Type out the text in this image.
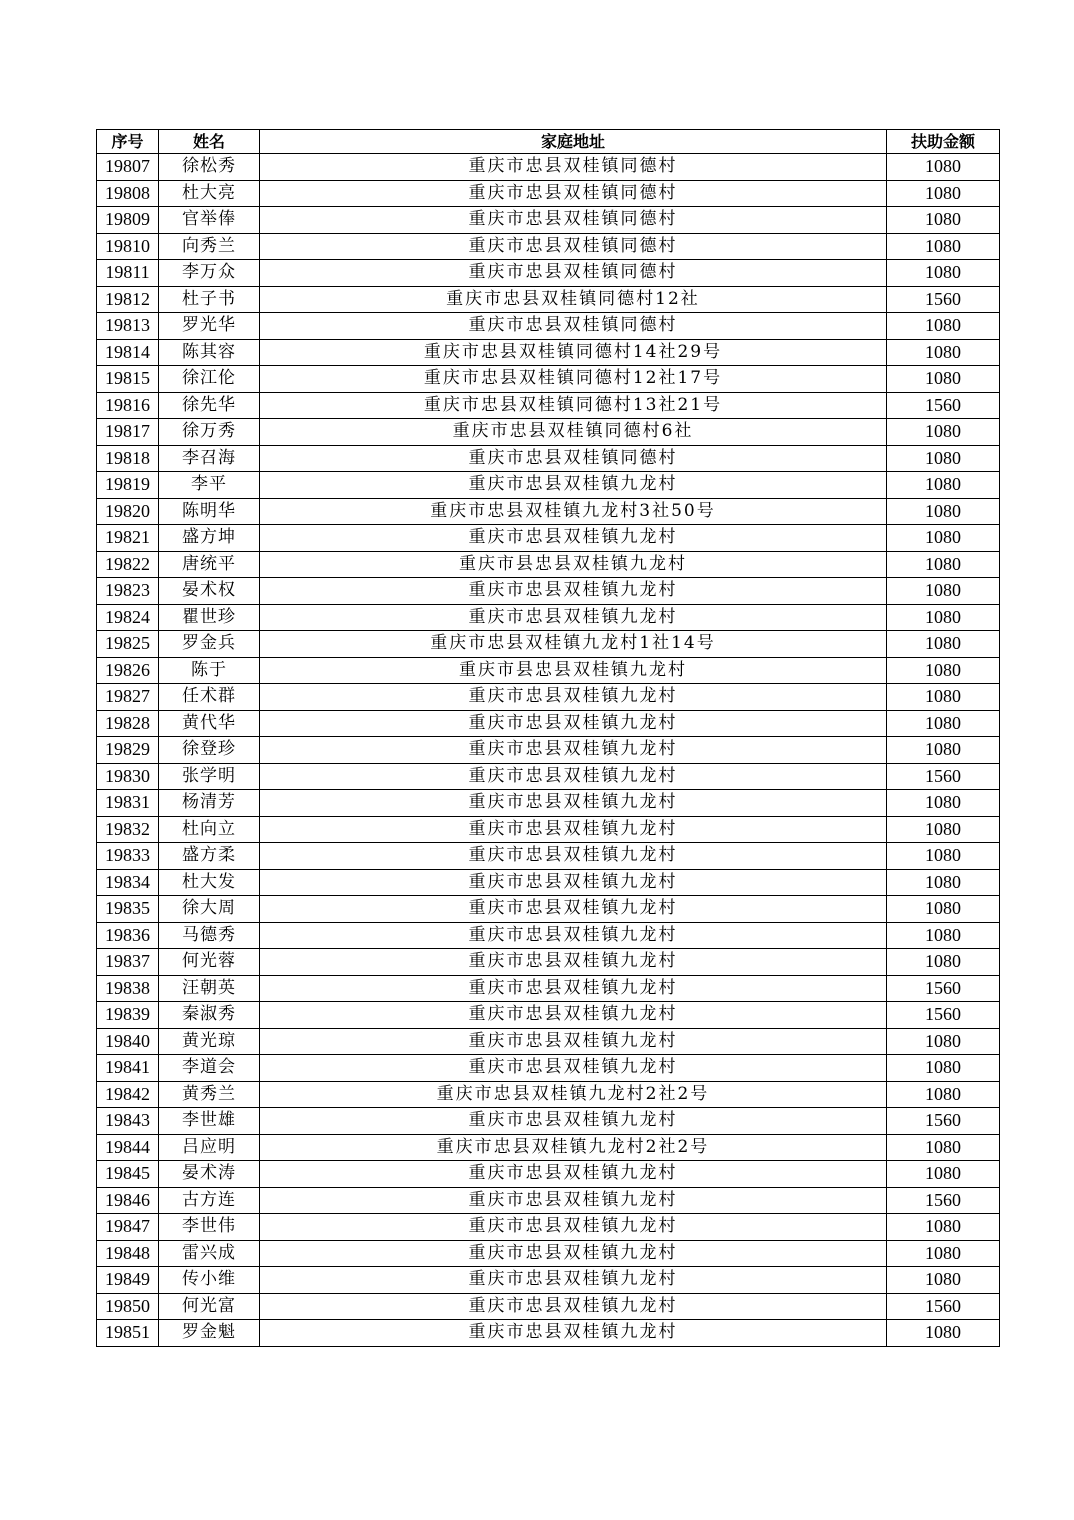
序号	姓名	家庭地址	扶助金额
19807	徐松秀	重庆市忠县双桂镇同德村	1080
19808	杜大亮	重庆市忠县双桂镇同德村	1080
19809	官举俸	重庆市忠县双桂镇同德村	1080
19810	向秀兰	重庆市忠县双桂镇同德村	1080
19811	李万众	重庆市忠县双桂镇同德村	1080
19812	杜子书	重庆市忠县双桂镇同德村12社	1560
19813	罗光华	重庆市忠县双桂镇同德村	1080
19814	陈其容	重庆市忠县双桂镇同德村14社29号	1080
19815	徐江伦	重庆市忠县双桂镇同德村12社17号	1080
19816	徐先华	重庆市忠县双桂镇同德村13社21号	1560
19817	徐万秀	重庆市忠县双桂镇同德村6社	1080
19818	李召海	重庆市忠县双桂镇同德村	1080
19819	李平	重庆市忠县双桂镇九龙村	1080
19820	陈明华	重庆市忠县双桂镇九龙村3社50号	1080
19821	盛方坤	重庆市忠县双桂镇九龙村	1080
19822	唐统平	重庆市县忠县双桂镇九龙村	1080
19823	晏术权	重庆市忠县双桂镇九龙村	1080
19824	瞿世珍	重庆市忠县双桂镇九龙村	1080
19825	罗金兵	重庆市忠县双桂镇九龙村1社14号	1080
19826	陈于	重庆市县忠县双桂镇九龙村	1080
19827	任术群	重庆市忠县双桂镇九龙村	1080
19828	黄代华	重庆市忠县双桂镇九龙村	1080
19829	徐登珍	重庆市忠县双桂镇九龙村	1080
19830	张学明	重庆市忠县双桂镇九龙村	1560
19831	杨清芳	重庆市忠县双桂镇九龙村	1080
19832	杜向立	重庆市忠县双桂镇九龙村	1080
19833	盛方柔	重庆市忠县双桂镇九龙村	1080
19834	杜大发	重庆市忠县双桂镇九龙村	1080
19835	徐大周	重庆市忠县双桂镇九龙村	1080
19836	马德秀	重庆市忠县双桂镇九龙村	1080
19837	何光蓉	重庆市忠县双桂镇九龙村	1080
19838	汪朝英	重庆市忠县双桂镇九龙村	1560
19839	秦淑秀	重庆市忠县双桂镇九龙村	1560
19840	黄光琼	重庆市忠县双桂镇九龙村	1080
19841	李道会	重庆市忠县双桂镇九龙村	1080
19842	黄秀兰	重庆市忠县双桂镇九龙村2社2号	1080
19843	李世雄	重庆市忠县双桂镇九龙村	1560
19844	吕应明	重庆市忠县双桂镇九龙村2社2号	1080
19845	晏术涛	重庆市忠县双桂镇九龙村	1080
19846	古方连	重庆市忠县双桂镇九龙村	1560
19847	李世伟	重庆市忠县双桂镇九龙村	1080
19848	雷兴成	重庆市忠县双桂镇九龙村	1080
19849	传小维	重庆市忠县双桂镇九龙村	1080
19850	何光富	重庆市忠县双桂镇九龙村	1560
19851	罗金魁	重庆市忠县双桂镇九龙村	1080
